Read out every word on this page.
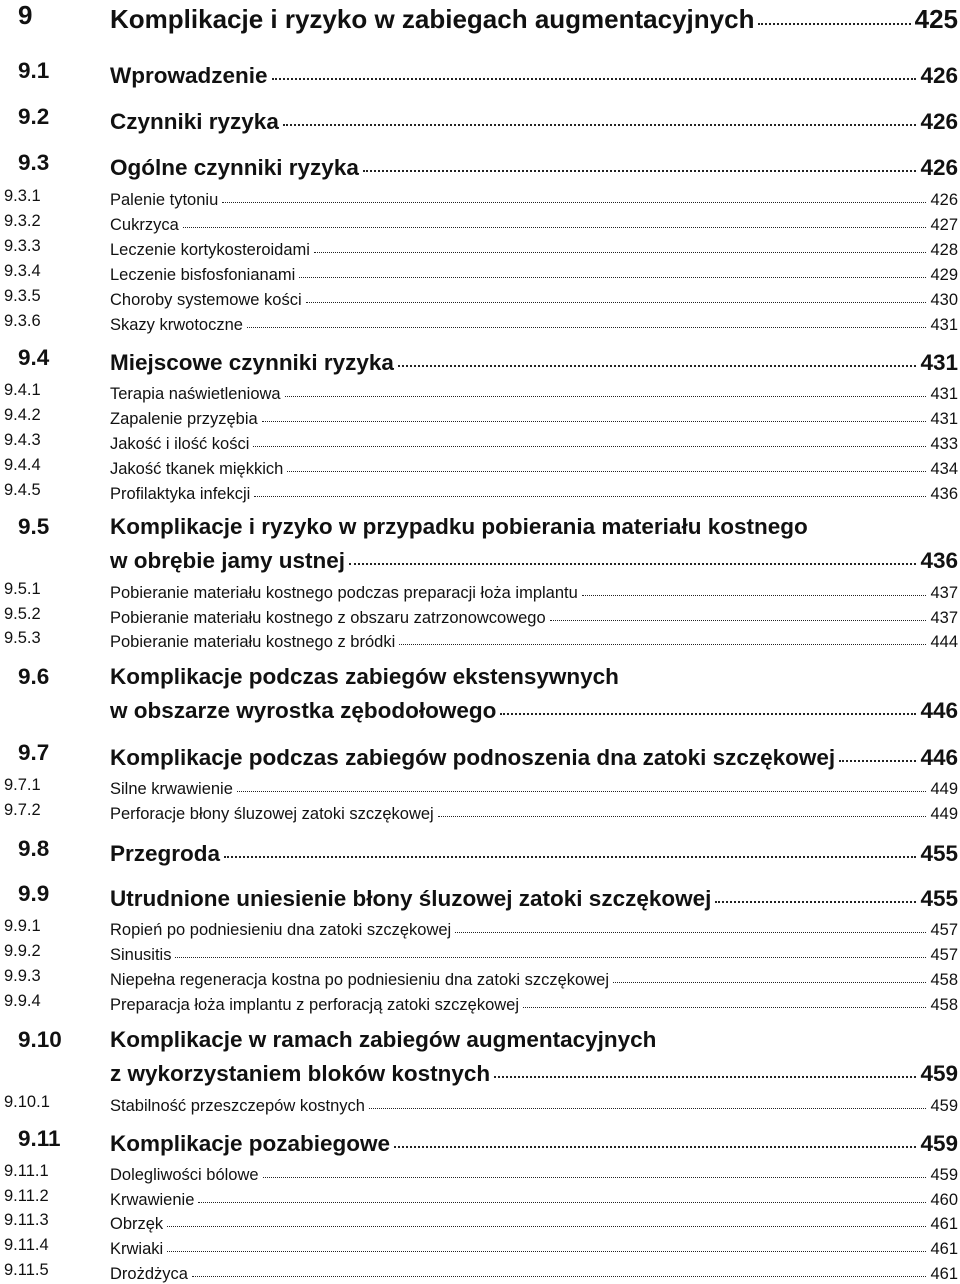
9	Komplikacje i ryzyko w zabiegach augmentacyjnych	425
9.1	Wprowadzenie	426
9.2	Czynniki ryzyka	426
9.3	Ogólne czynniki ryzyka	426
9.3.1	Palenie tytoniu	426
9.3.2	Cukrzyca	427
9.3.3	Leczenie kortykosteroidami	428
9.3.4	Leczenie bisfosfonianami	429
9.3.5	Choroby systemowe kości	430
9.3.6	Skazy krwotoczne	431
9.4	Miejscowe czynniki ryzyka	431
9.4.1	Terapia naświetleniowa	431
9.4.2	Zapalenie przyzębia	431
9.4.3	Jakość i ilość kości	433
9.4.4	Jakość tkanek miękkich	434
9.4.5	Profilaktyka infekcji	436
9.5	Komplikacje i ryzyko w przypadku pobierania materiału kostnego
w obrębie jamy ustnej	436
9.5.1	Pobieranie materiału kostnego podczas preparacji łoża implantu	437
9.5.2	Pobieranie materiału kostnego z obszaru zatrzonowcowego	437
9.5.3	Pobieranie materiału kostnego z bródki	444
9.6	Komplikacje podczas zabiegów ekstensywnych
w obszarze wyrostka zębodołowego	446
9.7	Komplikacje podczas zabiegów podnoszenia dna zatoki szczękowej	446
9.7.1	Silne krwawienie	449
9.7.2	Perforacje błony śluzowej zatoki szczękowej	449
9.8	Przegroda	455
9.9	Utrudnione uniesienie błony śluzowej zatoki szczękowej	455
9.9.1	Ropień po podniesieniu dna zatoki szczękowej	457
9.9.2	Sinusitis	457
9.9.3	Niepełna regeneracja kostna po podniesieniu dna zatoki szczękowej	458
9.9.4	Preparacja łoża implantu z perforacją zatoki szczękowej	458
9.10 Komplikacje w ramach zabiegów augmentacyjnych
z wykorzystaniem bloków kostnych	459
9.10.1	Stabilność przeszczepów kostnych	459
9.11 Komplikacje pozabiegowe	459
9.11.1	Dolegliwości bólowe	459
9.11.2	Krwawienie	460
9.11.3	Obrzęk	461
9.11.4	Krwiaki	461
9.11.5	Drożdżyca	461
